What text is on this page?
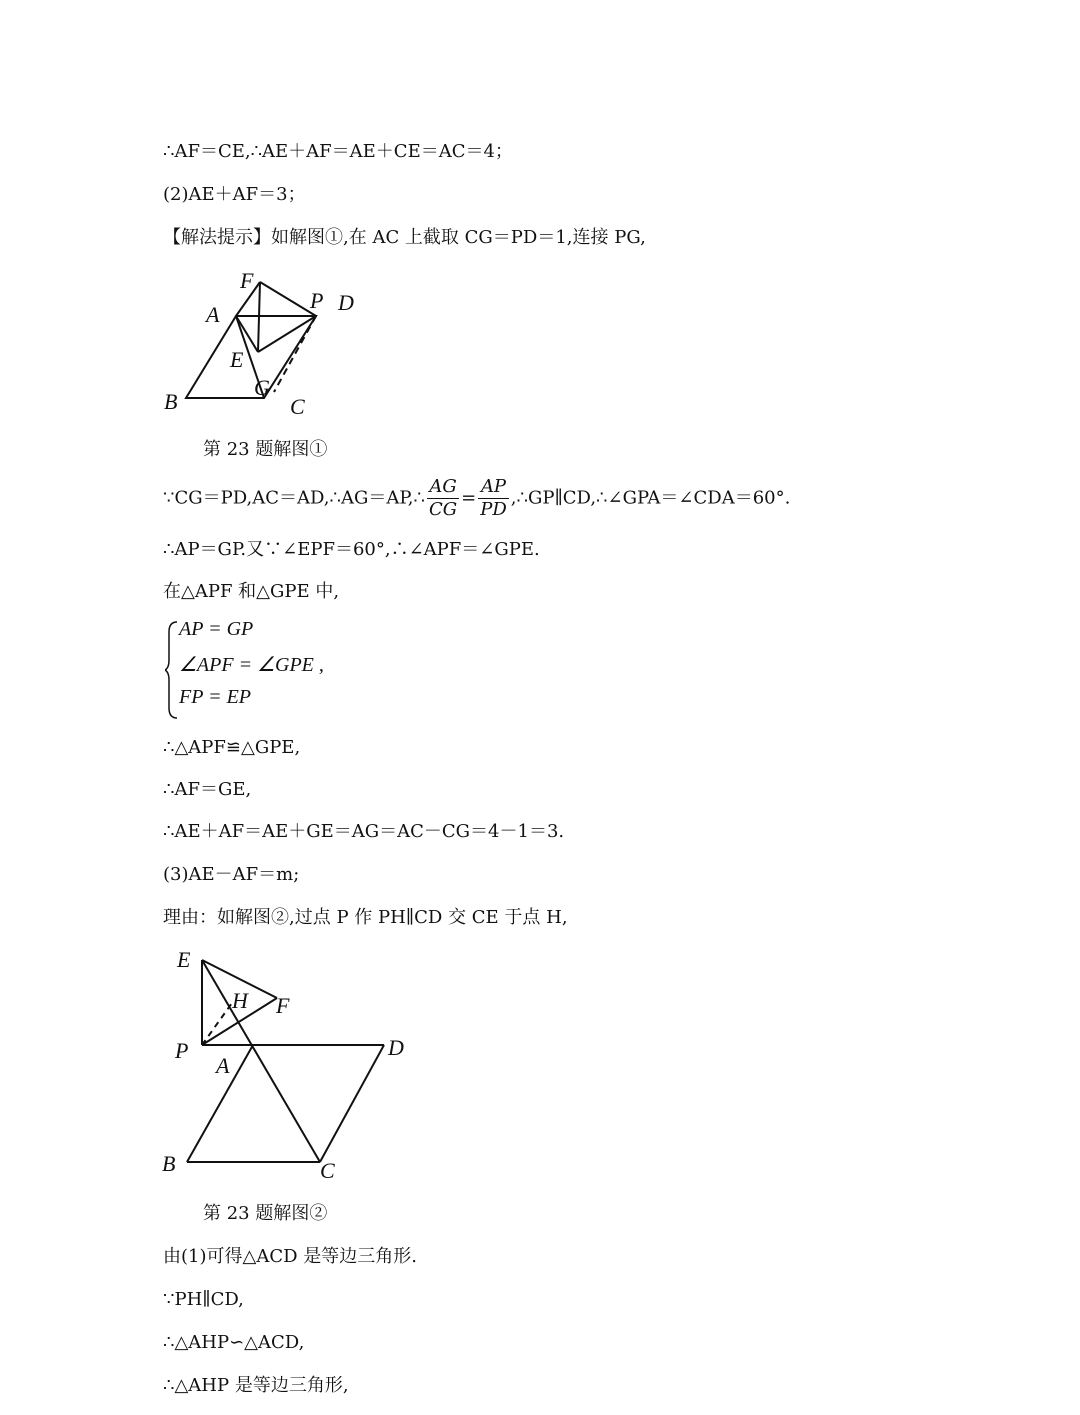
∴AF＝CE,∴AE＋AF＝AE＋CE＝AC＝4；
(2)AE＋AF＝3；
【解法提示】如解图①,在 AC 上截取 CG＝PD＝1,连接 PG,
F
A
P D
E
G
B	C
第 23 题解图①
∵CG＝PD,AC＝AD,∴AG＝AP,∴ $\frac{AG}{CG} = \frac{AP}{PD}$ ,∴GP∥CD,∴∠GPA＝∠CDA＝60°.
∴AP＝GP.又∵∠EPF＝60°,∴∠APF＝∠GPE.
在△APF 和△GPE 中,
AP = GP
∠APF = ∠GPE ,
FP = EP
∴△APF≌△GPE,
∴AF＝GE,
∴AE＋AF＝AE＋GE＝AG＝AC－CG＝4－1＝3.
(3)AE－AF＝m;
理由：如解图②,过点 P 作 PH∥CD 交 CE 于点 H,
E
H F
P
A
D
B	C
第 23 题解图②
由(1)可得△ACD 是等边三角形.
∵PH∥CD,
∴△AHP∽△ACD,
∴△AHP 是等边三角形,
